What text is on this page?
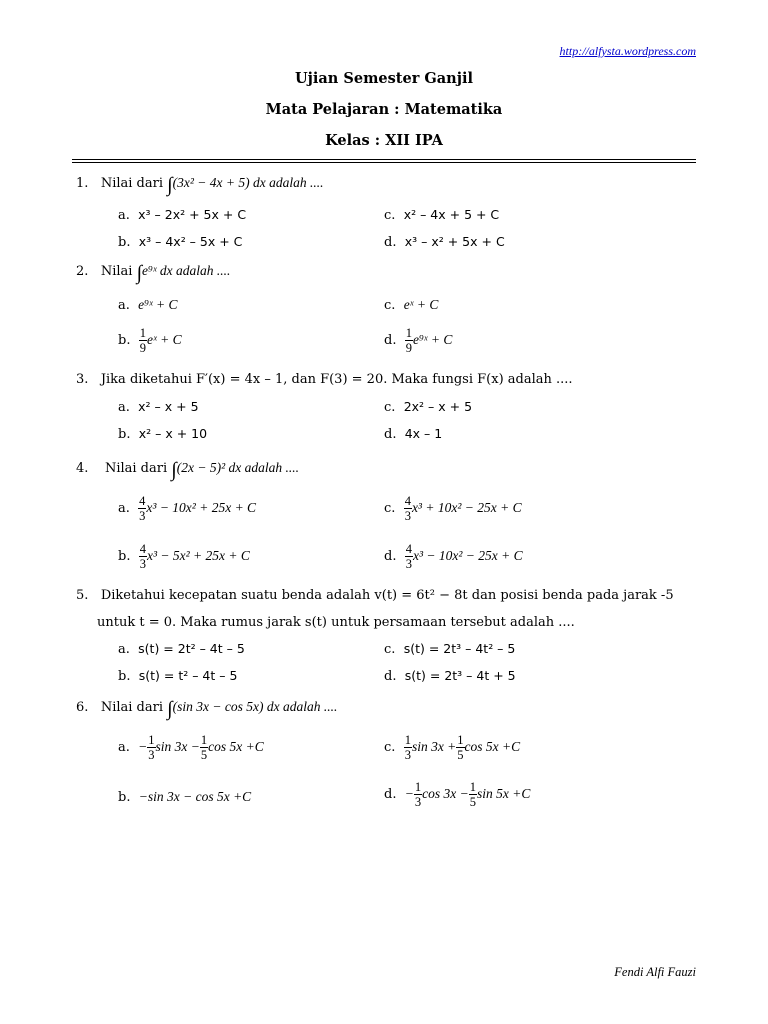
http://alfysta.wordpress.com
Ujian Semester Ganjil
Mata Pelajaran : Matematika
Kelas : XII IPA
1. Nilai dari ∫(3x² − 4x + 5) dx adalah ....
a. x³ – 2x² + 5x + C	c. x² – 4x + 5 + C
b. x³ – 4x² – 5x + C	d. x³ – x² + 5x + C
2. Nilai ∫e⁹ˣ dx adalah ....
a. e⁹ˣ + C	c. eˣ + C
b. $\frac{1}{9}$ eˣ + C	d. $\frac{1}{9}$ e⁹ˣ + C
3. Jika diketahui F′(x) = 4x – 1, dan F(3) = 20. Maka fungsi F(x) adalah ....
a. x² – x + 5	c. 2x² – x + 5
b. x² – x + 10	d. 4x – 1
4. Nilai dari ∫(2x − 5)² dx adalah ....
a. $\frac{4}{3} x^3 - 10x^2 + 25x + C$	c. $\frac{4}{3} x^3 + 10x^2 - 25x + C$
b. $\frac{4}{3} x^3 - 5x^2 + 25x + C$	d. $\frac{4}{3} x^3 - 10x^2 - 25x + C$
5. Diketahui kecepatan suatu benda adalah v(t) = 6t² − 8t dan posisi benda pada jarak -5
untuk t = 0. Maka rumus jarak s(t) untuk persamaan tersebut adalah ....
a. s(t) = 2t² – 4t – 5	c. s(t) = 2t³ – 4t² – 5
b. s(t) = t² – 4t – 5	d. s(t) = 2t³ – 4t + 5
6. Nilai dari ∫(sin 3x − cos 5x) dx adalah ....
a. − $\frac{1}{3}$ $\sin 3x - \frac{1}{5}$ cos 5x +C	c. $\frac{1}{3}$ $\sin 3x + \frac{1}{5}$ cos 5x +C
b. −sin 3x − cos 5x +C	d. − $\frac{1}{3}$ $\cos 3x - \frac{1}{5}$ sin 5x +C
Fendi Alfi Fauzi
